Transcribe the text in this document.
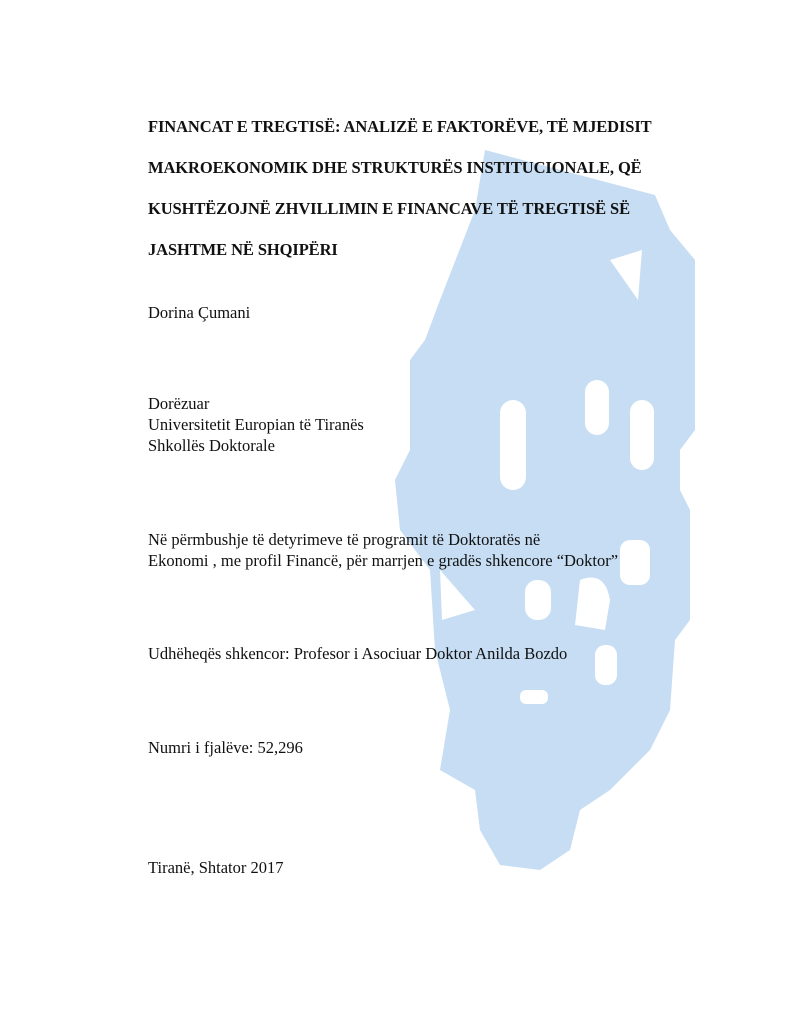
FINANCAT E TREGTISË: ANALIZË E FAKTORËVE, TË MJEDISIT
MAKROEKONOMIK DHE STRUKTURËS INSTITUCIONALE, QË
KUSHTËZOJNË ZHVILLIMIN E FINANCAVE TË TREGTISË SË
JASHTME NË SHQIPËRI
Dorina Çumani
Dorëzuar
Universitetit Europian të Tiranës
Shkollës Doktorale
Në përmbushje të detyrimeve të programit të Doktoratës në
Ekonomi , me profil Financë, për marrjen e gradës shkencore “Doktor”
Udhëheqës shkencor: Profesor i Asociuar Doktor Anilda Bozdo
Numri i fjalëve: 52,296
Tiranë, Shtator 2017
